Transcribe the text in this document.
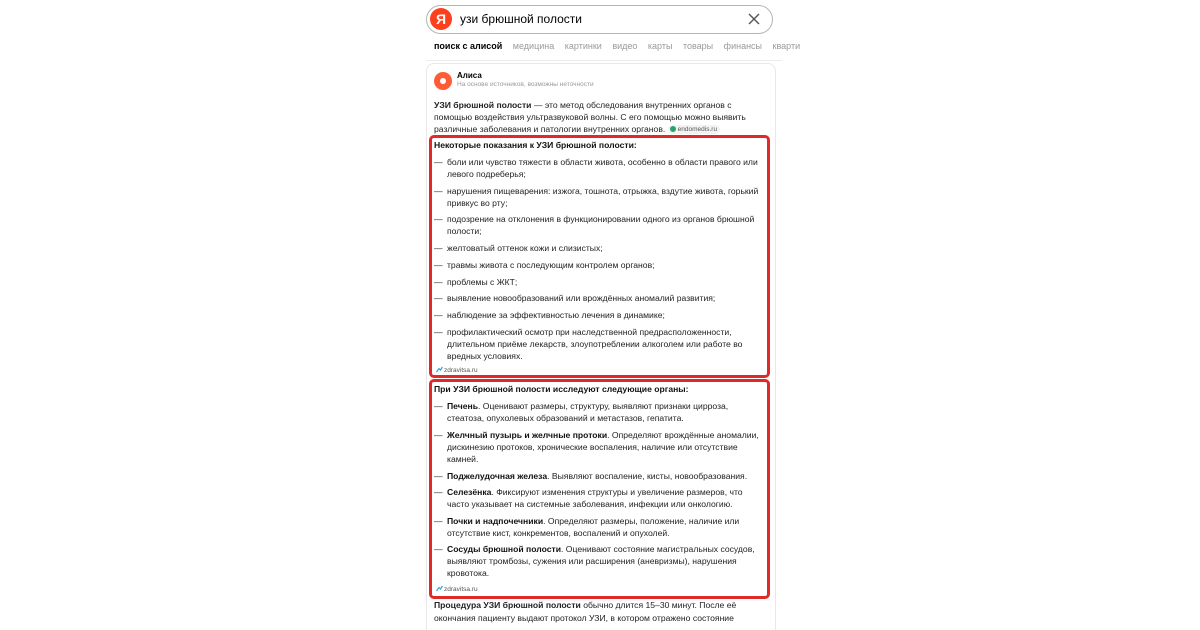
Я	узи брюшной полости
поиск с алисой медицина картинки видео карты товары финансы кварти
Алиса
На основе источников, возможны неточности
УЗИ брюшной полости — это метод обследования внутренних органов с помощью воздействия ультразвуковой волны. С его помощью можно выявить различные заболевания и патологии внутренних органов. endomedis.ru
Некоторые показания к УЗИ брюшной полости:
— боли или чувство тяжести в области живота, особенно в области правого или левого подреберья;
— нарушения пищеварения: изжога, тошнота, отрыжка, вздутие живота, горький привкус во рту;
— подозрение на отклонения в функционировании одного из органов брюшной полости;
— желтоватый оттенок кожи и слизистых;
— травмы живота с последующим контролем органов;
— проблемы с ЖКТ;
— выявление новообразований или врождённых аномалий развития;
— наблюдение за эффективностью лечения в динамике;
— профилактический осмотр при наследственной предрасположенности, длительном приёме лекарств, злоупотреблении алкоголем или работе во вредных условиях.
zdravitsa.ru
При УЗИ брюшной полости исследуют следующие органы:
— Печень. Оценивают размеры, структуру, выявляют признаки цирроза, стеатоза, опухолевых образований и метастазов, гепатита.
— Желчный пузырь и желчные протоки. Определяют врождённые аномалии, дискинезию протоков, хронические воспаления, наличие или отсутствие камней.
— Поджелудочная железа. Выявляют воспаление, кисты, новообразования.
— Селезёнка. Фиксируют изменения структуры и увеличение размеров, что часто указывает на системные заболевания, инфекции или онкологию.
— Почки и надпочечники. Определяют размеры, положение, наличие или отсутствие кист, конкрементов, воспалений и опухолей.
— Сосуды брюшной полости. Оценивают состояние магистральных сосудов, выявляют тромбозы, сужения или расширения (аневризмы), нарушения кровотока.
zdravitsa.ru
Процедура УЗИ брюшной полости обычно длится 15–30 минут. После её окончания пациенту выдают протокол УЗИ, в котором отражено состояние
